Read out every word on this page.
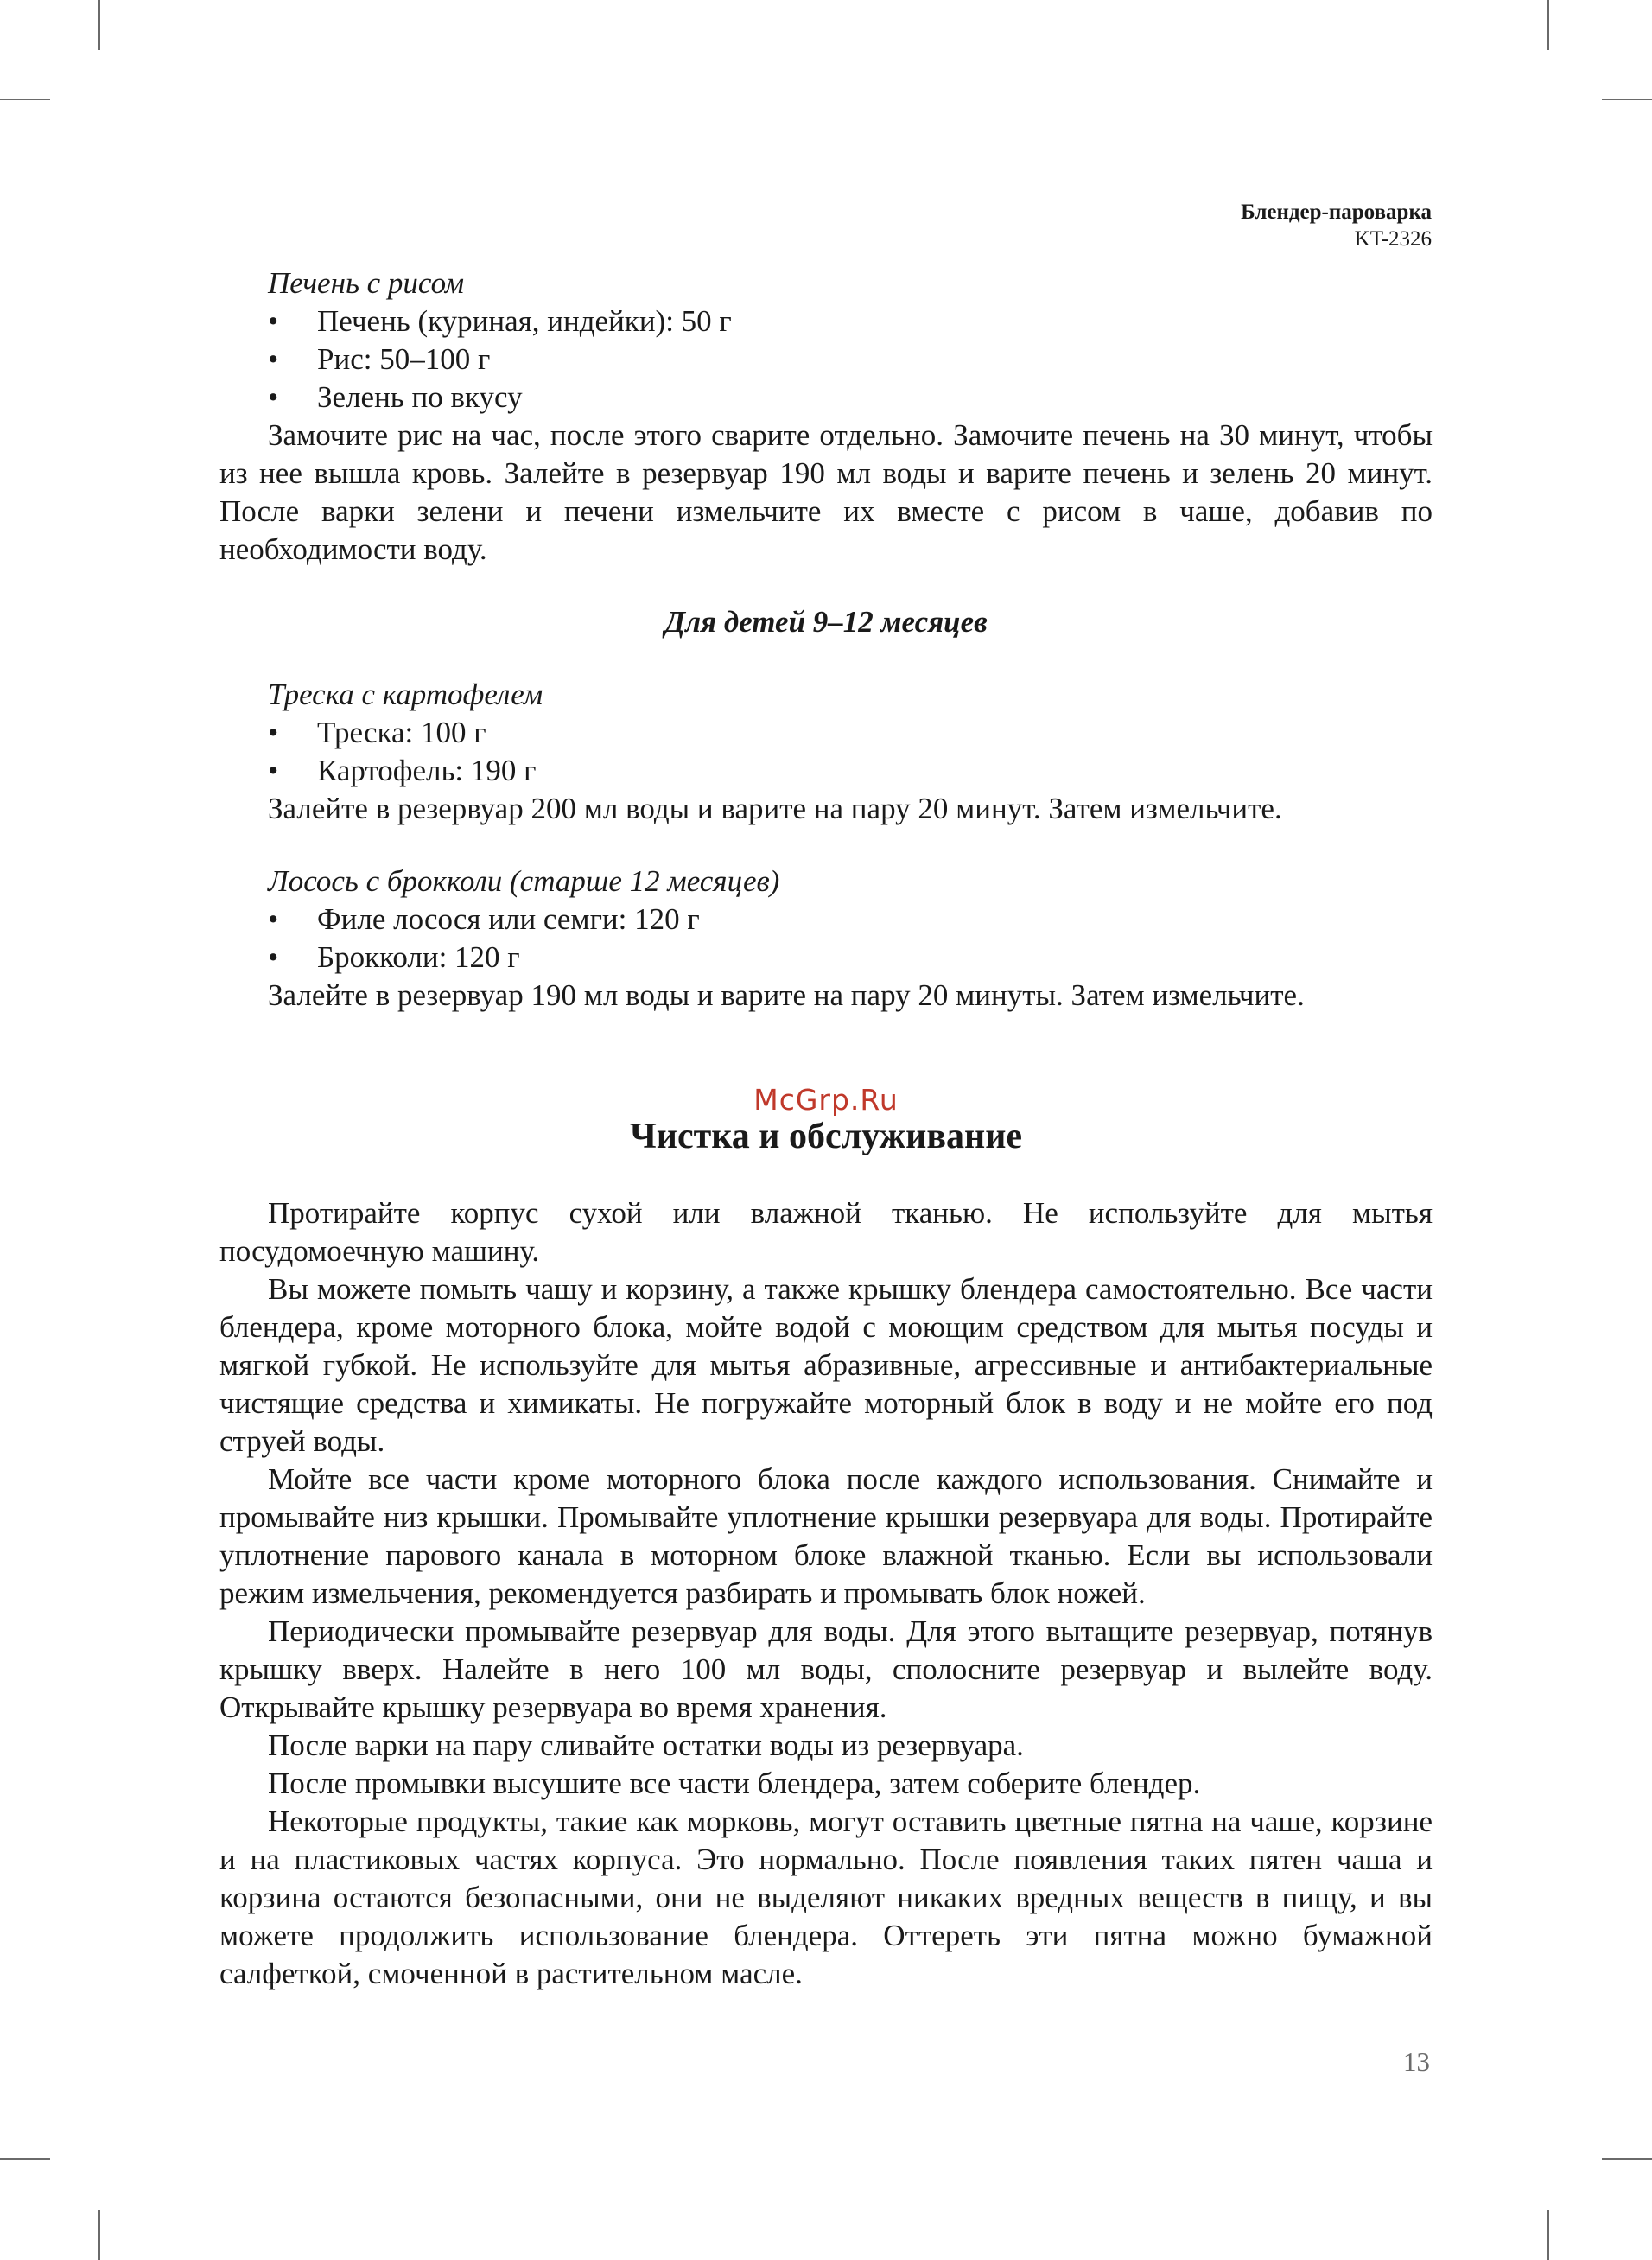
Блендер-пароварка
KT-2326
Печень с рисом
• Печень (куриная, индейки): 50 г
• Рис: 50–100 г
• Зелень по вкусу
Замочите рис на час, после этого сварите отдельно. Замочите печень на 30 минут, чтобы из нее вышла кровь. Залейте в резервуар 190 мл воды и варите печень и зелень 20 минут. После варки зелени и печени измельчите их вместе с рисом в чаше, добавив по необходимости воду.
Для детей 9–12 месяцев
Треска с картофелем
• Треска: 100 г
• Картофель: 190 г
Залейте в резервуар 200 мл воды и варите на пару 20 минут. Затем измельчите.
Лосось с брокколи (старше 12 месяцев)
• Филе лосося или семги: 120 г
• Брокколи: 120 г
Залейте в резервуар 190 мл воды и варите на пару 20 минуты. Затем измельчите.
McGrp.Ru
Чистка и обслуживание

Протирайте корпус сухой или влажной тканью. Не используйте для мытья посудомоечную машину.

Вы можете помыть чашу и корзину, а также крышку блендера самостоятельно. Все части блендера, кроме моторного блока, мойте водой с моющим средством для мытья посуды и мягкой губкой. Не используйте для мытья абразивные, агрессивные и антибактериальные чистящие средства и химикаты. Не погружайте моторный блок в воду и не мойте его под струей воды.

Мойте все части кроме моторного блока после каждого использования. Снимайте и промывайте низ крышки. Промывайте уплотнение крышки резервуара для воды. Протирайте уплотнение парового канала в моторном блоке влажной тканью. Если вы использовали режим измельчения, рекомендуется разбирать и промывать блок ножей.

Периодически промывайте резервуар для воды. Для этого вытащите резервуар, потянув крышку вверх. Налейте в него 100 мл воды, сполосните резервуар и вылейте воду. Открывайте крышку резервуара во время хранения.

После варки на пару сливайте остатки воды из резервуара.

После промывки высушите все части блендера, затем соберите блендер.

Некоторые продукты, такие как морковь, могут оставить цветные пятна на чаше, корзине и на пластиковых частях корпуса. Это нормально. После появления таких пятен чаша и корзина остаются безопасными, они не выделяют никаких вредных веществ в пищу, и вы можете продолжить использование блендера. Оттереть эти пятна можно бумажной салфеткой, смоченной в растительном масле.

13
